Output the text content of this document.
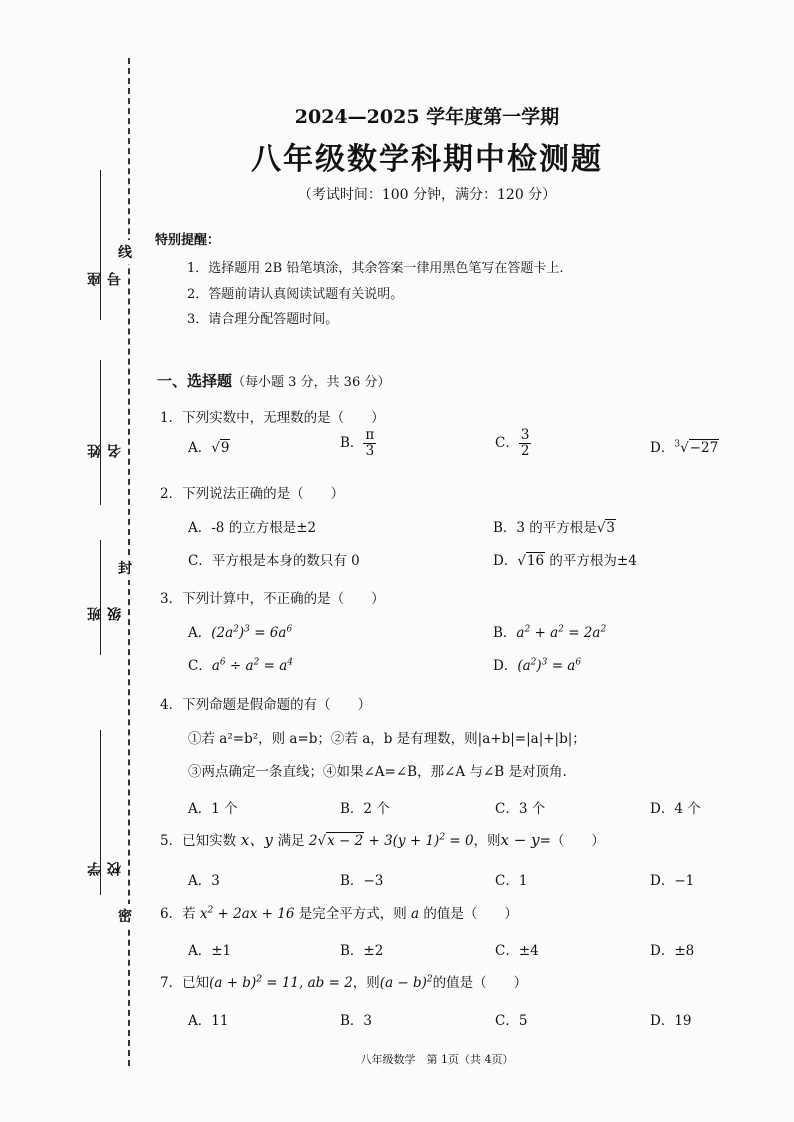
线
封
密
座号
姓名
班级
学校
2024—2025 学年度第一学期
八年级数学科期中检测题
（考试时间：100 分钟，满分：120 分）
特别提醒：
1．选择题用 2B 铅笔填涂，其余答案一律用黑色笔写在答题卡上.
2．答题前请认真阅读试题有关说明。
3．请合理分配答题时间。
一、选择题（每小题 3 分，共 36 分）
1．下列实数中，无理数的是（　　）
A．√9	B． $\frac{\pi}{3}$	C． $\frac{3}{2}$	D．$^3$√−27
2．下列说法正确的是（　　）
A．-8 的立方根是±2	B．3 的平方根是√3
C．平方根是本身的数只有 0	D．√16 的平方根为±4
3．下列计算中，不正确的是（　　）
A．$(2a^2)^3 = 6a^6$	B．$a^2 + a^2 = 2a^2$
C．$a^6 \div a^2 = a^4$	D．$(a^2)^3 = a^6$
4．下列命题是假命题的有（　　）
①若 a²=b²，则 a=b；②若 a，b 是有理数，则|a+b|=|a|+|b|；
③两点确定一条直线；④如果∠A=∠B，那∠A 与∠B 是对顶角.
A．1 个	B．2 个	C．3 个	D．4 个
5．已知实数 x、y 满足 $2√x - 2 + 3(y + 1)^2 = 0$，则x − y=（　　）
A．3	B．−3	C．1	D．−1
6．若 $x^2 + 2ax + 16$ 是完全平方式，则 a 的值是（　　）
A．±1	B．±2	C．±4	D．±8
7．已知$(a + b)^2 = 11$, ab = 2，则$(a - b)^2$的值是（　　）
A．11	B．3	C．5	D．19
八年级数学　第 1页（共 4页）
